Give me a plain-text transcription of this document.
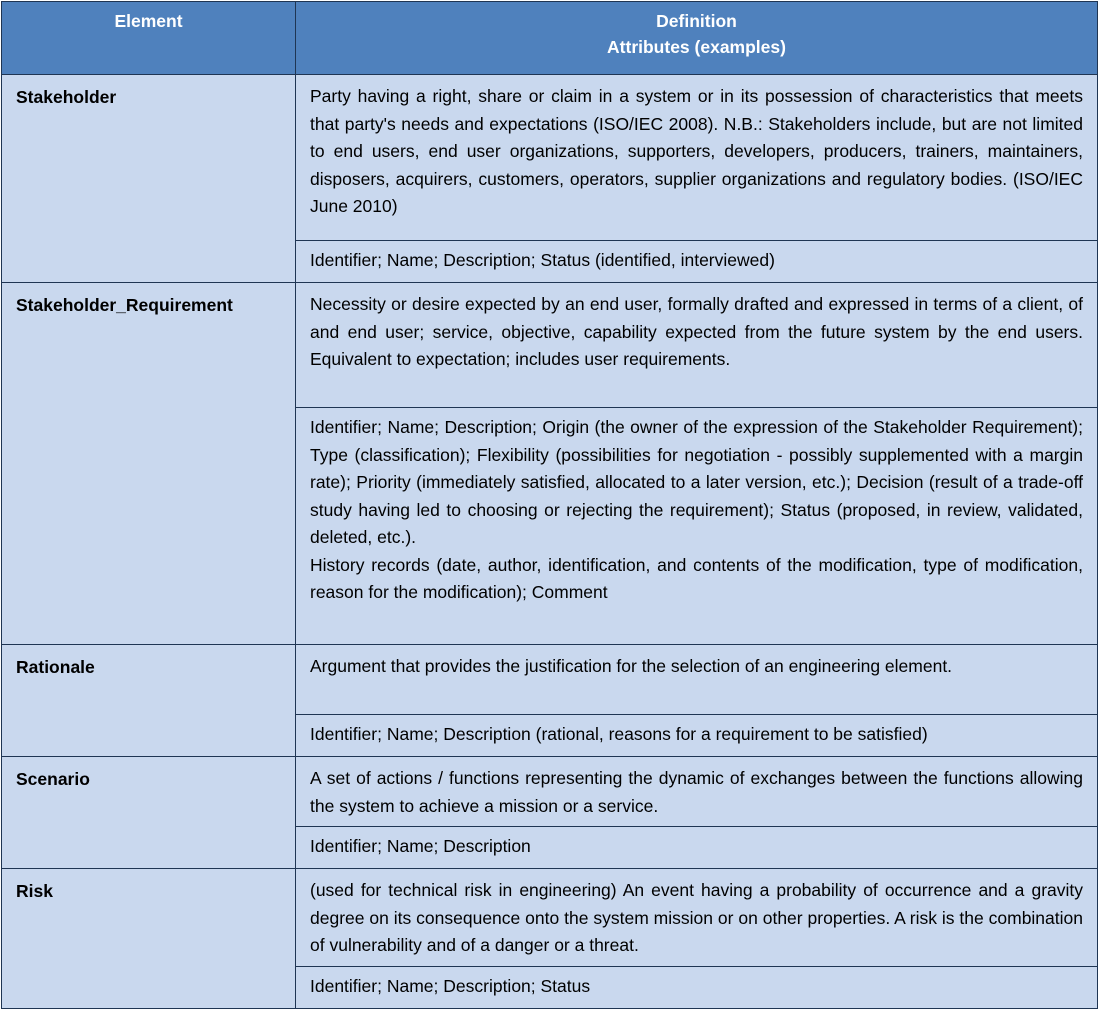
Element	Definition
Attributes (examples)

Stakeholder	Party having a right, share or claim in a system or in its possession of characteristics that meets that party's needs and expectations (ISO/IEC 2008). N.B.: Stakeholders include, but are not limited to end users, end user organizations, supporters, developers, producers, trainers, maintainers, disposers, acquirers, customers, operators, supplier organizations and regulatory bodies. (ISO/IEC June 2010)
	Identifier; Name; Description; Status (identified, interviewed)
Stakeholder_Requirement	Necessity or desire expected by an end user, formally drafted and expressed in terms of a client, of and end user; service, objective, capability expected from the future system by the end users. Equivalent to expectation; includes user requirements.

	Identifier; Name; Description; Origin (the owner of the expression of the Stakeholder Requirement); Type (classification); Flexibility (possibilities for negotiation - possibly supplemented with a margin rate); Priority (immediately satisfied, allocated to a later version, etc.); Decision (result of a trade-off study having led to choosing or rejecting the requirement); Status (proposed, in review, validated, deleted, etc.).
History records (date, author, identification, and contents of the modification, type of modification, reason for the modification); Comment

Rationale	Argument that provides the justification for the selection of an engineering element.
	Identifier; Name; Description (rational, reasons for a requirement to be satisfied)
Scenario	A set of actions / functions representing the dynamic of exchanges between the functions allowing the system to achieve a mission or a service.
	Identifier; Name; Description
Risk	(used for technical risk in engineering) An event having a probability of occurrence and a gravity degree on its consequence onto the system mission or on other properties. A risk is the combination of vulnerability and of a danger or a threat.
	Identifier; Name; Description; Status
